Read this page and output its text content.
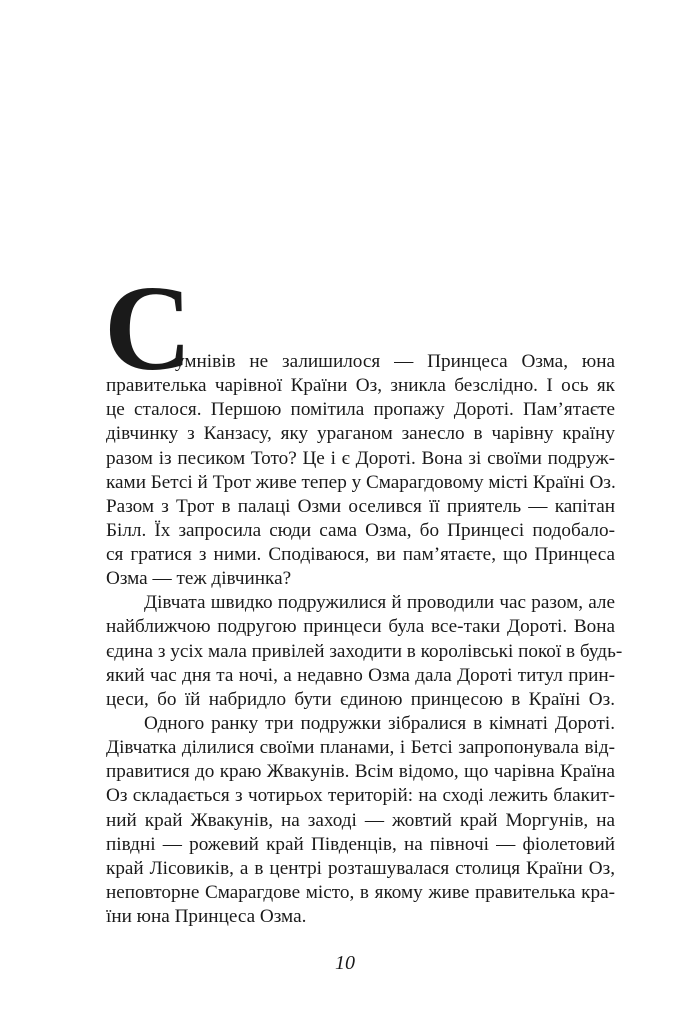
С
умнівів не залишилося — Принцеса Озма, юна
правителька чарівної Країни Оз, зникла безслідно. І ось як
це сталося. Першою помітила пропажу Дороті. Пам’ятаєте
дівчинку з Канзасу, яку ураганом занесло в чарівну країну
разом із песиком Тото? Це і є Дороті. Вона зі своїми подруж-
ками Бетсі й Трот живе тепер у Смарагдовому місті Країні Оз.
Разом з Трот в палаці Озми оселився її приятель — капітан
Білл. Їх запросила сюди сама Озма, бо Принцесі подобало-
ся гратися з ними. Сподіваюся, ви пам’ятаєте, що Принцеса
Озма — теж дівчинка?
Дівчата швидко подружилися й проводили час разом, але
найближчою подругою принцеси була все-таки Дороті. Вона
єдина з усіх мала привілей заходити в королівські покої в будь-
який час дня та ночі, а недавно Озма дала Дороті титул прин-
цеси, бо їй набридло бути єдиною принцесою в Країні Оз.
Одного ранку три подружки зібралися в кімнаті Дороті.
Дівчатка ділилися своїми планами, і Бетсі запропонувала від-
правитися до краю Жвакунів. Всім відомо, що чарівна Країна
Оз складається з чотирьох територій: на сході лежить блакит-
ний край Жвакунів, на заході — жовтий край Моргунів, на
півдні — рожевий край Південців, на півночі — фіолетовий
край Лісовиків, а в центрі розташувалася столиця Країни Оз,
неповторне Смарагдове місто, в якому живе правителька кра-
їни юна Принцеса Озма.
10
